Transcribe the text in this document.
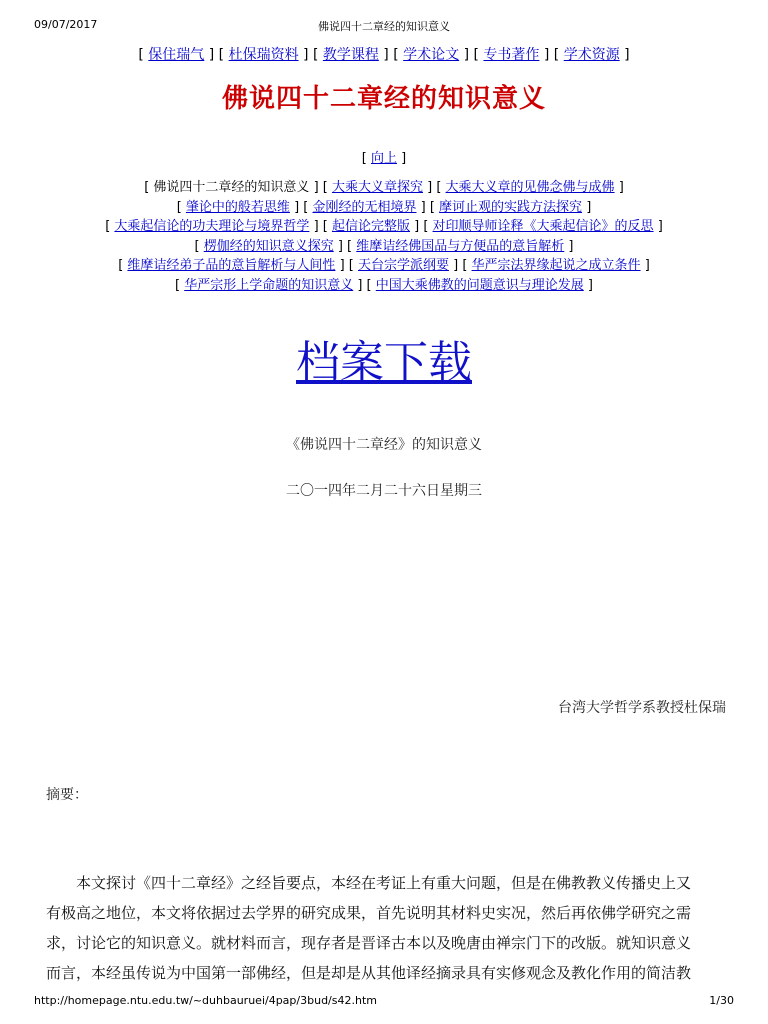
09/07/2017	佛说四十二章经的知识意义
[ 保住瑞气 ] [ 杜保瑞资料 ] [ 教学课程 ] [ 学术论文 ] [ 专书著作 ] [ 学术资源 ]
佛说四十二章经的知识意义
[ 向上 ]
[ 佛说四十二章经的知识意义 ] [ 大乘大义章探究 ] [ 大乘大义章的见佛念佛与成佛 ]
[ 肇论中的般若思维 ] [ 金刚经的无相境界 ] [ 摩诃止观的实践方法探究 ]
[ 大乘起信论的功夫理论与境界哲学 ] [ 起信论完整版 ] [ 对印顺导师诠释《大乘起信论》的反思 ]
[ 楞伽经的知识意义探究 ] [ 维摩诘经佛国品与方便品的意旨解析 ]
[ 维摩诘经弟子品的意旨解析与人间性 ] [ 天台宗学派纲要 ] [ 华严宗法界缘起说之成立条件 ]
[ 华严宗形上学命题的知识意义 ] [ 中国大乘佛教的问题意识与理论发展 ]
档案下载
《佛说四十二章经》的知识意义
二〇一四年二月二十六日星期三
台湾大学哲学系教授杜保瑞
摘要：
本文探讨《四十二章经》之经旨要点，本经在考证上有重大问题，但是在佛教教义传播史上又
有极高之地位，本文将依据过去学界的研究成果，首先说明其材料史实况，然后再依佛学研究之需
求，讨论它的知识意义。就材料而言，现存者是晋译古本以及晚唐由禅宗门下的改版。就知识意义
而言，本经虽传说为中国第一部佛经，但是却是从其他译经摘录具有实修观念及教化作用的简洁教
http://homepage.ntu.edu.tw/~duhbauruei/4pap/3bud/s42.htm	1/30
